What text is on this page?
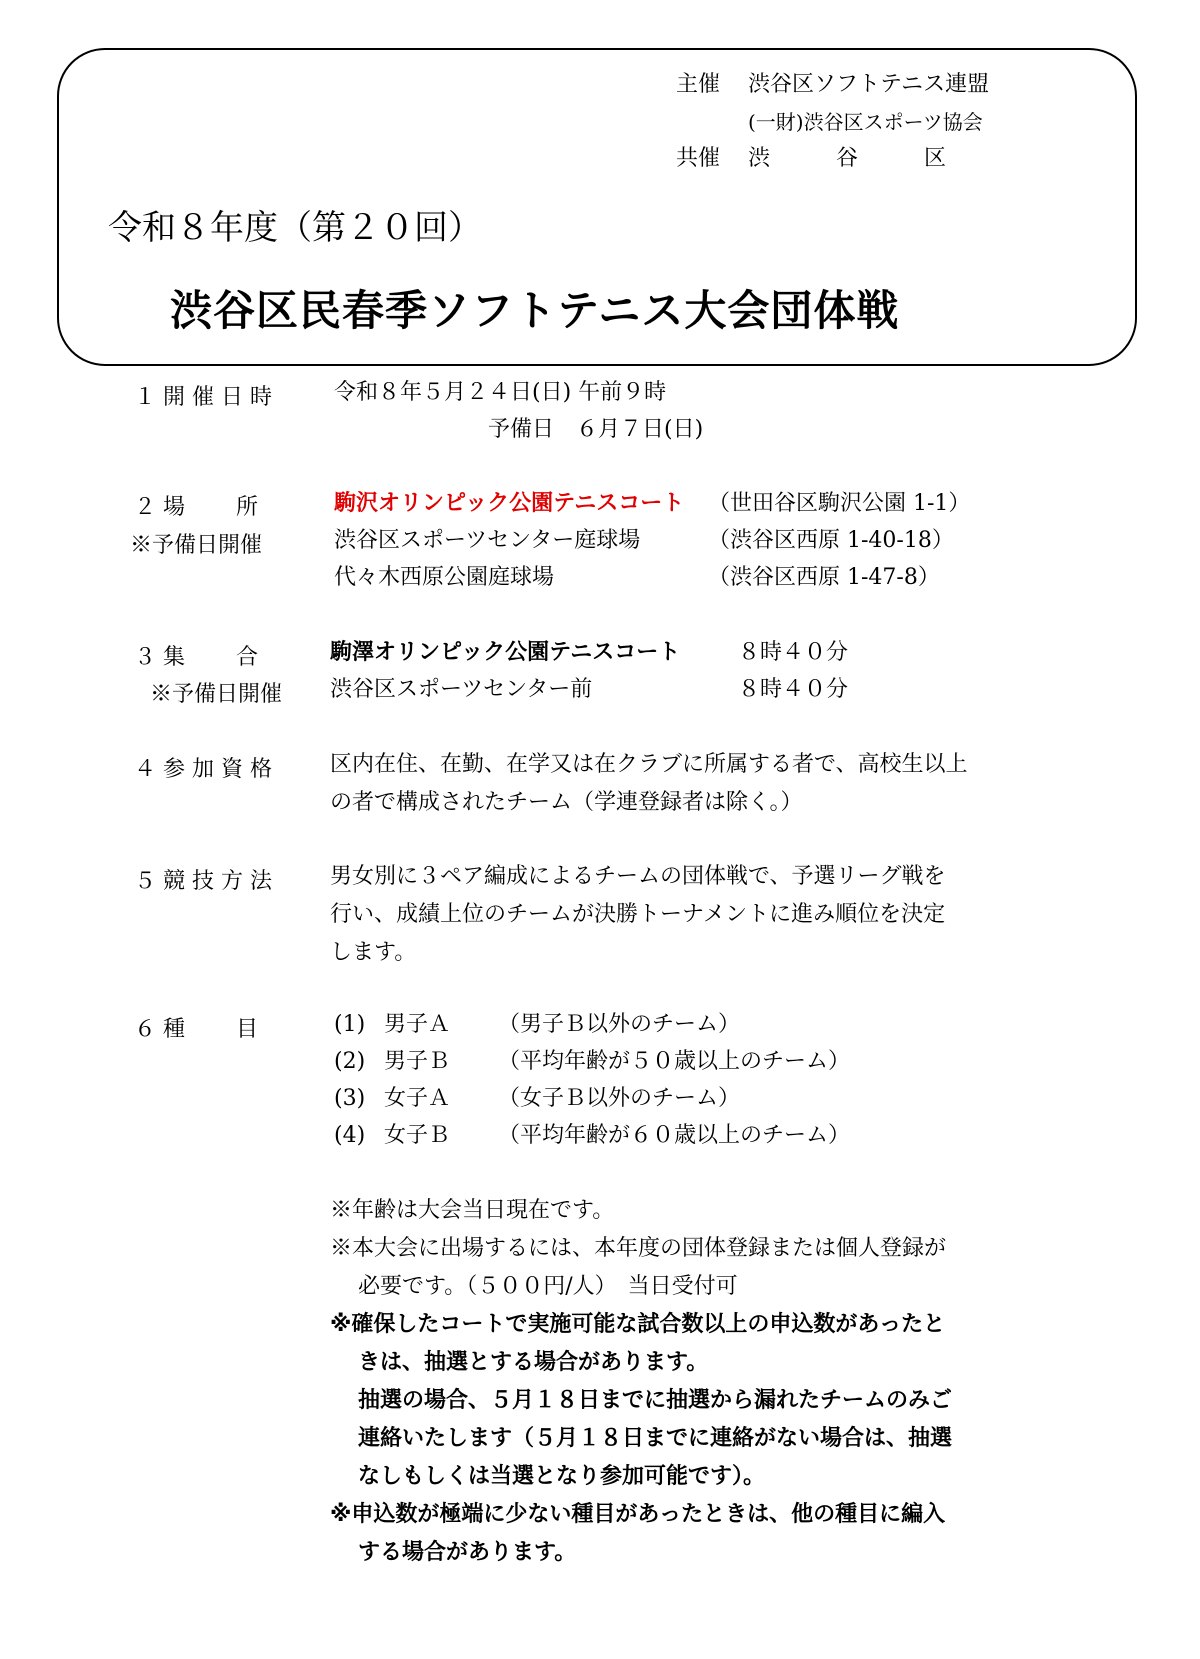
主催 渋谷区ソフトテニス連盟
(一財)渋谷区スポーツ協会
共催 渋　　　谷　　　区
令和８年度（第２０回）
渋谷区民春季ソフトテニス大会団体戦
１ 開 催 日 時	令和８年５月２４日(日) 午前９時
予備日　６月７日(日)
２ 場　　 所	駒沢オリンピック公園テニスコート （世田谷区駒沢公園 1-1）
※予備日開催	渋谷区スポーツセンター庭球場	（渋谷区西原 1-40-18）
代々木西原公園庭球場	（渋谷区西原 1-47-8）
３ 集　　 合	駒澤オリンピック公園テニスコート	８時４０分
※予備日開催 渋谷区スポーツセンター前	８時４０分
４ 参 加 資 格	区内在住、在勤、在学又は在クラブに所属する者で、高校生以上
の者で構成されたチーム（学連登録者は除く。）
５ 競 技 方 法	男女別に３ペア編成によるチームの団体戦で、予選リーグ戦を
行い、成績上位のチームが決勝トーナメントに進み順位を決定
します。
６ 種　　 目	(1) 男子Ａ （男子Ｂ以外のチーム）
(2) 男子Ｂ （平均年齢が５０歳以上のチーム）
(3) 女子Ａ （女子Ｂ以外のチーム）
(4) 女子Ｂ （平均年齢が６０歳以上のチーム）
※年齢は大会当日現在です。
※本大会に出場するには、本年度の団体登録または個人登録が
必要です。（５００円/人）　当日受付可
※確保したコートで実施可能な試合数以上の申込数があったと
きは、抽選とする場合があります。
抽選の場合、５月１８日までに抽選から漏れたチームのみご
連絡いたします（５月１８日までに連絡がない場合は、抽選
なしもしくは当選となり参加可能です）。
※申込数が極端に少ない種目があったときは、他の種目に編入
する場合があります。
